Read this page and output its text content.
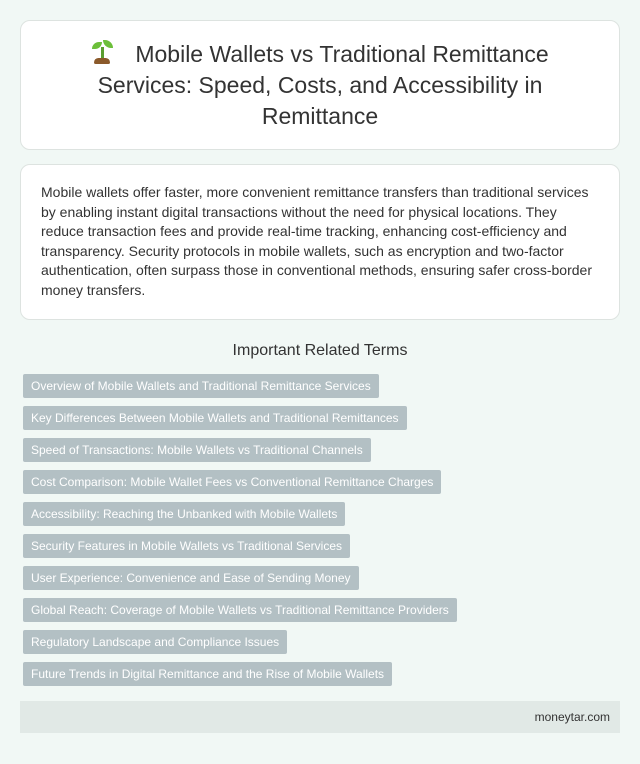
Mobile Wallets vs Traditional Remittance Services: Speed, Costs, and Accessibility in Remittance

Mobile wallets offer faster, more convenient remittance transfers than traditional services by enabling instant digital transactions without the need for physical locations. They reduce transaction fees and provide real-time tracking, enhancing cost-efficiency and transparency. Security protocols in mobile wallets, such as encryption and two-factor authentication, often surpass those in conventional methods, ensuring safer cross-border money transfers.

Important Related Terms
Overview of Mobile Wallets and Traditional Remittance Services
Key Differences Between Mobile Wallets and Traditional Remittances
Speed of Transactions: Mobile Wallets vs Traditional Channels
Cost Comparison: Mobile Wallet Fees vs Conventional Remittance Charges
Accessibility: Reaching the Unbanked with Mobile Wallets
Security Features in Mobile Wallets vs Traditional Services
User Experience: Convenience and Ease of Sending Money
Global Reach: Coverage of Mobile Wallets vs Traditional Remittance Providers
Regulatory Landscape and Compliance Issues
Future Trends in Digital Remittance and the Rise of Mobile Wallets
moneytar.com
